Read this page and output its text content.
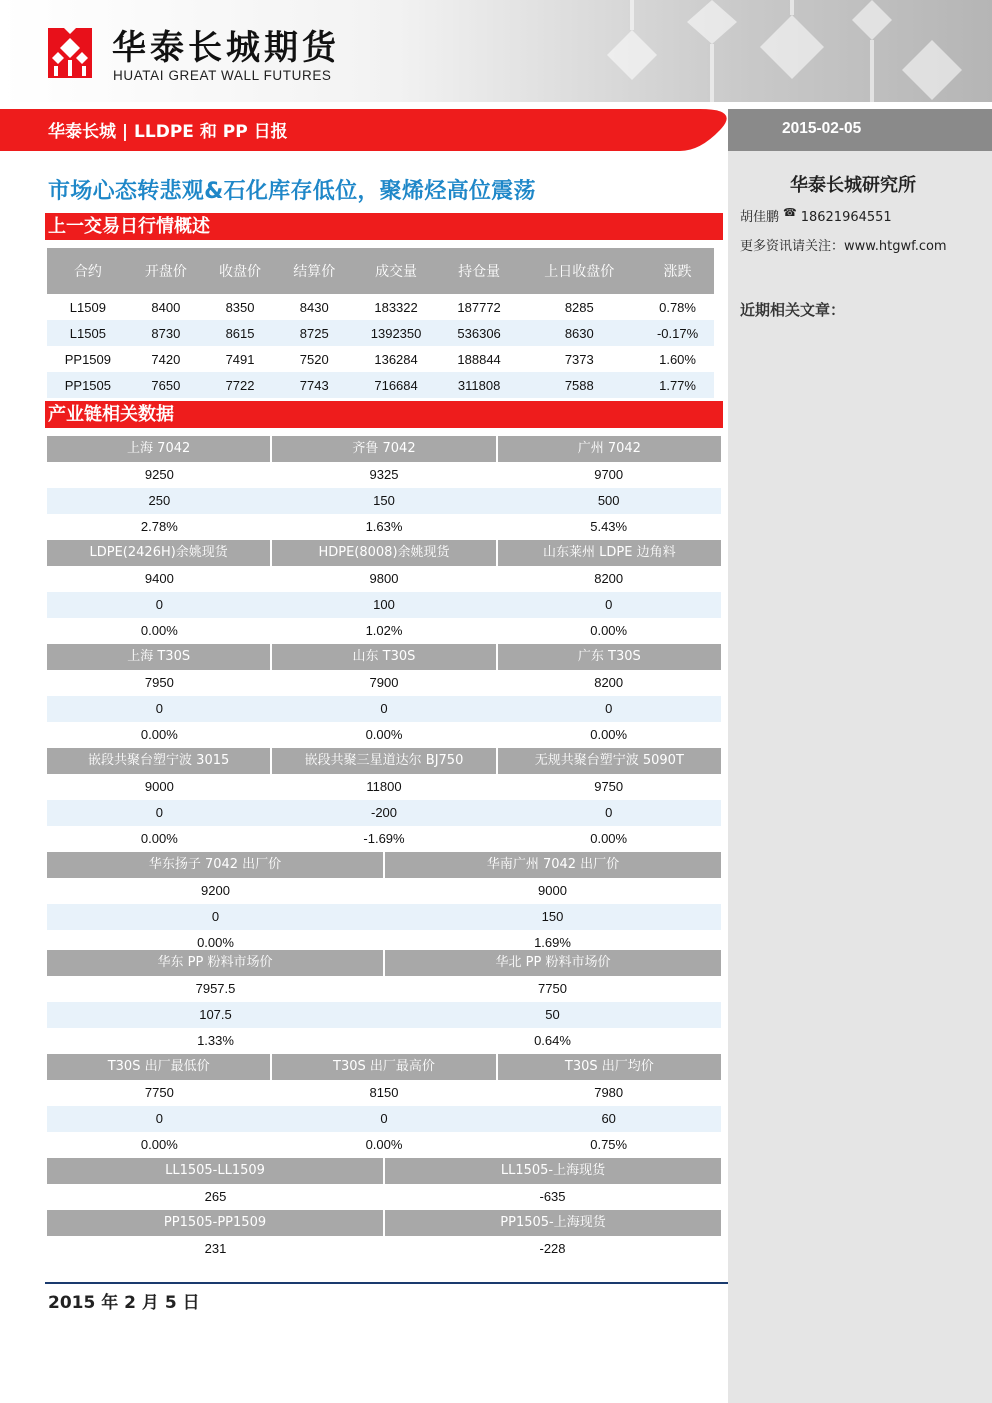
华泰长城期货
HUATAI GREAT WALL FUTURES
华泰长城 | LLDPE 和 PP 日报	2015-02-05
华泰长城研究所
胡佳鹏 ☎ 18621964551
更多资讯请关注：www.htgwf.com
近期相关文章：
市场心态转悲观&石化库存低位，聚烯烃高位震荡
上一交易日行情概述
合约	开盘价	收盘价	结算价	成交量	持仓量	上日收盘价	涨跌
L1509	8400	8350	8430	183322	187772	8285	0.78%
L1505	8730	8615	8725	1392350	536306	8630	-0.17%
PP1509	7420	7491	7520	136284	188844	7373	1.60%
PP1505	7650	7722	7743	716684	311808	7588	1.77%
产业链相关数据
上海 7042	齐鲁 7042	广州 7042
9250	9325	9700
250	150	500
2.78%	1.63%	5.43%
LDPE(2426H)余姚现货	HDPE(8008)余姚现货	山东莱州 LDPE 边角料
9400	9800	8200
0	100	0
0.00%	1.02%	0.00%
上海 T30S	山东 T30S	广东 T30S
7950	7900	8200
0	0	0
0.00%	0.00%	0.00%
嵌段共聚台塑宁波 3015	嵌段共聚三星道达尔 BJ750	无规共聚台塑宁波 5090T
9000	11800	9750
0	-200	0
0.00%	-1.69%	0.00%
华东扬子 7042 出厂价	华南广州 7042 出厂价
9200	9000
0	150
0.00%	1.69%
华东 PP 粉料市场价	华北 PP 粉料市场价
7957.5	7750
107.5	50
1.33%	0.64%
T30S 出厂最低价	T30S 出厂最高价	T30S 出厂均价
7750	8150	7980
0	0	60
0.00%	0.00%	0.75%
LL1505-LL1509	LL1505-上海现货
265	-635
PP1505-PP1509	PP1505-上海现货
231	-228
2015 年 2 月 5 日
